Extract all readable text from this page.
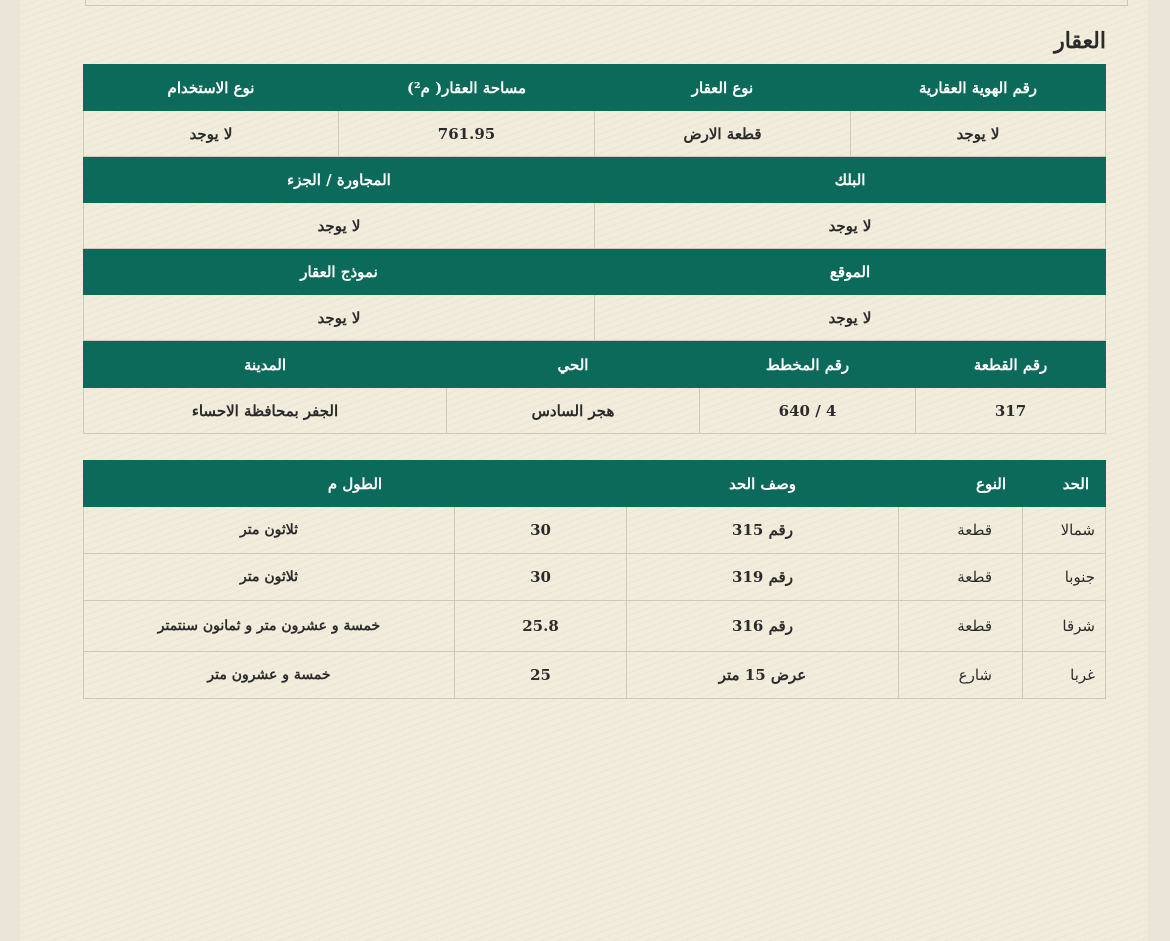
العقار
رقم الهوية العقارية	نوع العقار	مساحة العقار( م²)	نوع الاستخدام
لا يوجد	قطعة الارض	761.95	لا يوجد
البلك		المجاورة / الجزء	
لا يوجد		لا يوجد	
الموقع		نموذج العقار	
لا يوجد		لا يوجد	
رقم القطعة	رقم المخطط	الحي	المدينة
317	4 / 640	هجر السادس	الجفر بمحافظة الاحساء
الحد	النوع	وصف الحد	الطول م	
شمالا	قطعة	رقم 315	30	ثلاثون متر
جنوبا	قطعة	رقم 319	30	ثلاثون متر
شرقا	قطعة	رقم 316	25.8	خمسة و عشرون متر و ثمانون سنتمتر
غربا	شارع	عرض 15 متر	25	خمسة و عشرون متر
